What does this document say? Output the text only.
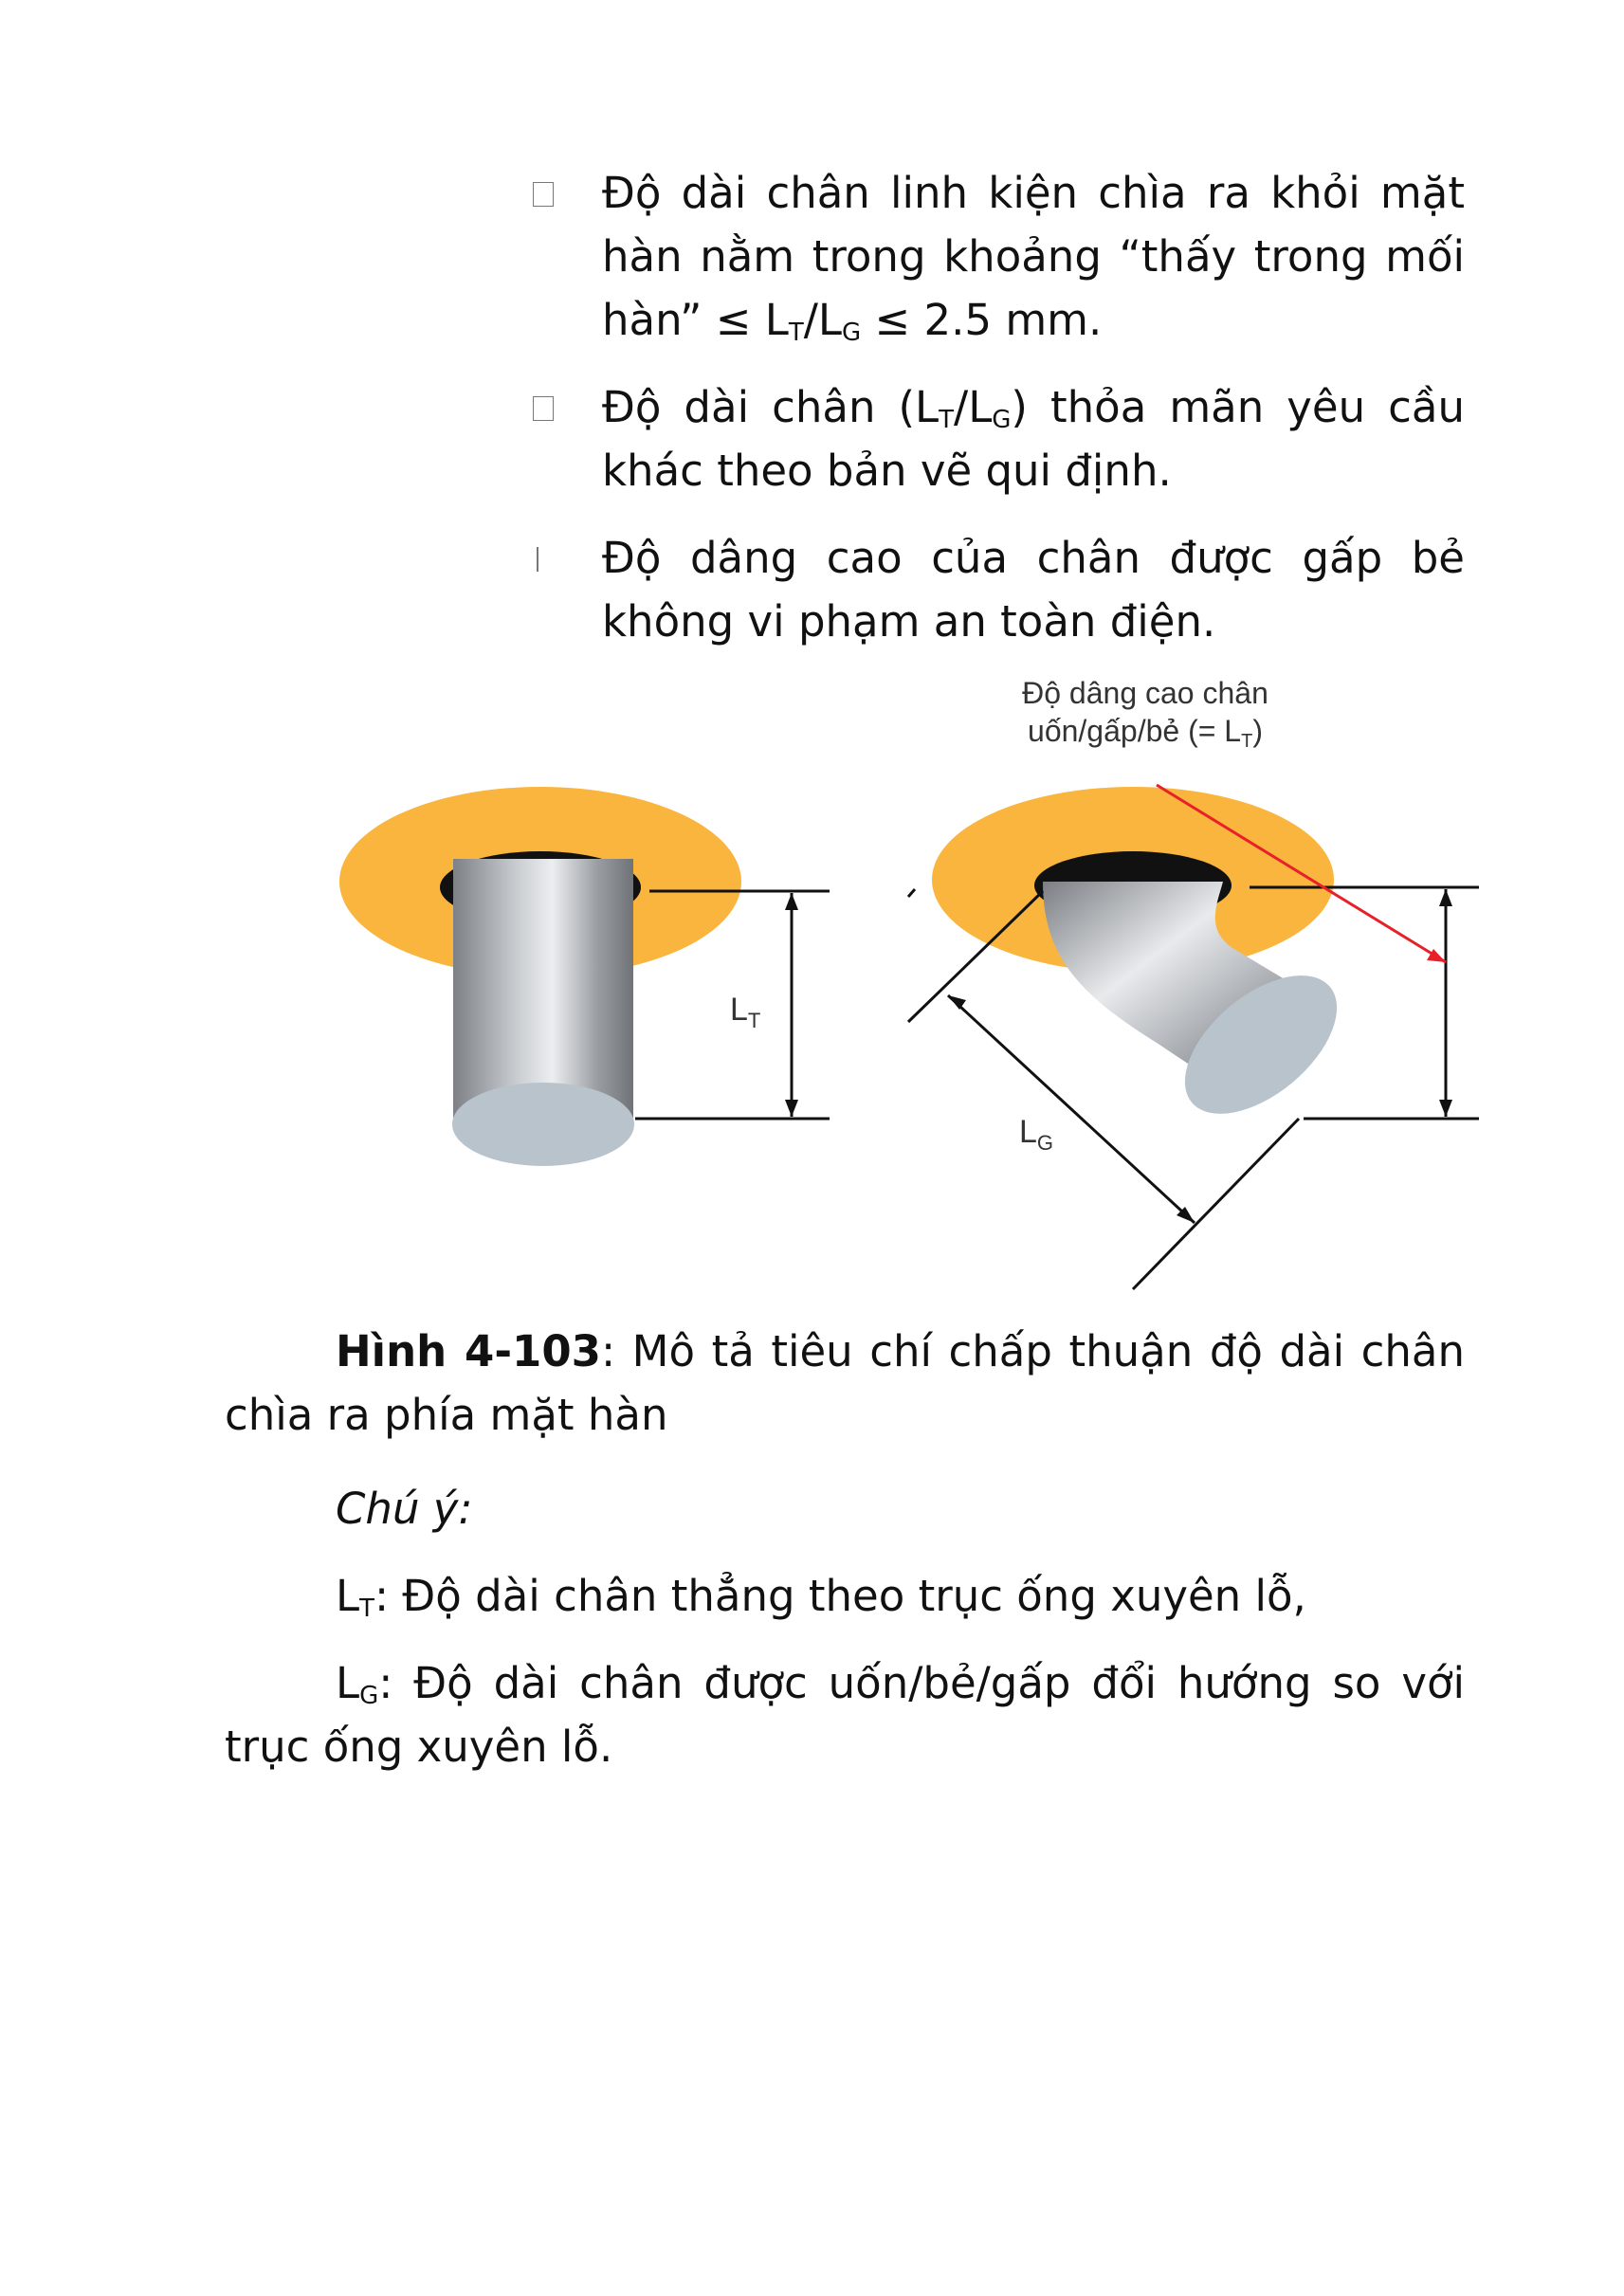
Độ dài chân linh kiện chìa ra khỏi mặt hàn nằm trong khoảng “thấy trong mối hàn” ≤ $L_T/L_G \le 2.5$ mm.
Độ dài chân $(L_T/L_G)$ thỏa mãn yêu cầu khác theo bản vẽ qui định.
Độ dâng cao của chân được gấp bẻ không vi phạm an toàn điện.
$L_T$
$L_G$
Độ dâng cao chân
uốn/gấp/bẻ (= LT)
Hình 4-103: Mô tả tiêu chí chấp thuận độ dài chân chìa ra phía mặt hàn
Chú ý:
$L_T$: Độ dài chân thẳng theo trục ống xuyên lỗ,
$L_G$: Độ dài chân được uốn/bẻ/gấp đổi hướng so với trục ống xuyên lỗ.
